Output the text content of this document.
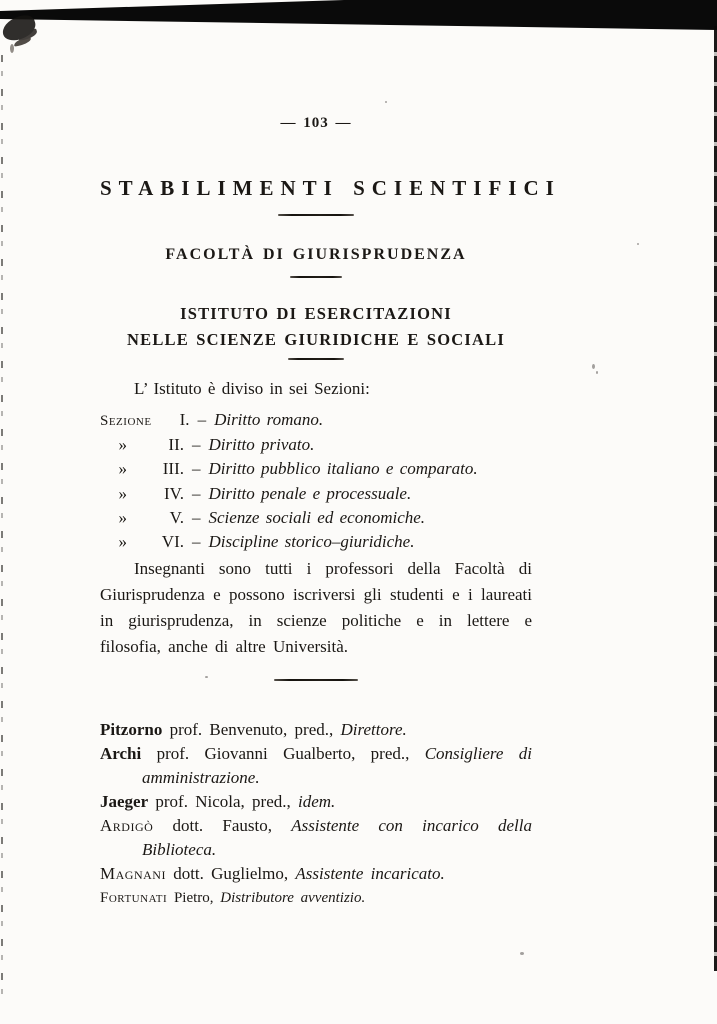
— 103 —
STABILIMENTI SCIENTIFICI
FACOLTÀ DI GIURISPRUDENZA
ISTITUTO DI ESERCITAZIONI
NELLE SCIENZE GIURIDICHE E SOCIALI

L’ Istituto è diviso in sei Sezioni:

Sezione	I. – Diritto romano.
»	II. – Diritto privato.
»	III. – Diritto pubblico italiano e comparato.
»	IV. – Diritto penale e processuale.
»	V. – Scienze sociali ed economiche.
»	VI. – Discipline storico–giuridiche.

Insegnanti sono tutti i professori della Facoltà di Giurisprudenza e possono iscriversi gli studenti e i laureati in giurisprudenza, in scienze politiche e in lettere e filosofia, anche di altre Università.

Pitzorno prof. Benvenuto, pred., Direttore.
Archi prof. Giovanni Gualberto, pred., Consigliere di amministrazione.
Jaeger prof. Nicola, pred., idem.
Ardigò dott. Fausto, Assistente con incarico della Biblioteca.
Magnani dott. Guglielmo, Assistente incaricato.
Fortunati Pietro, Distributore avventizio.
